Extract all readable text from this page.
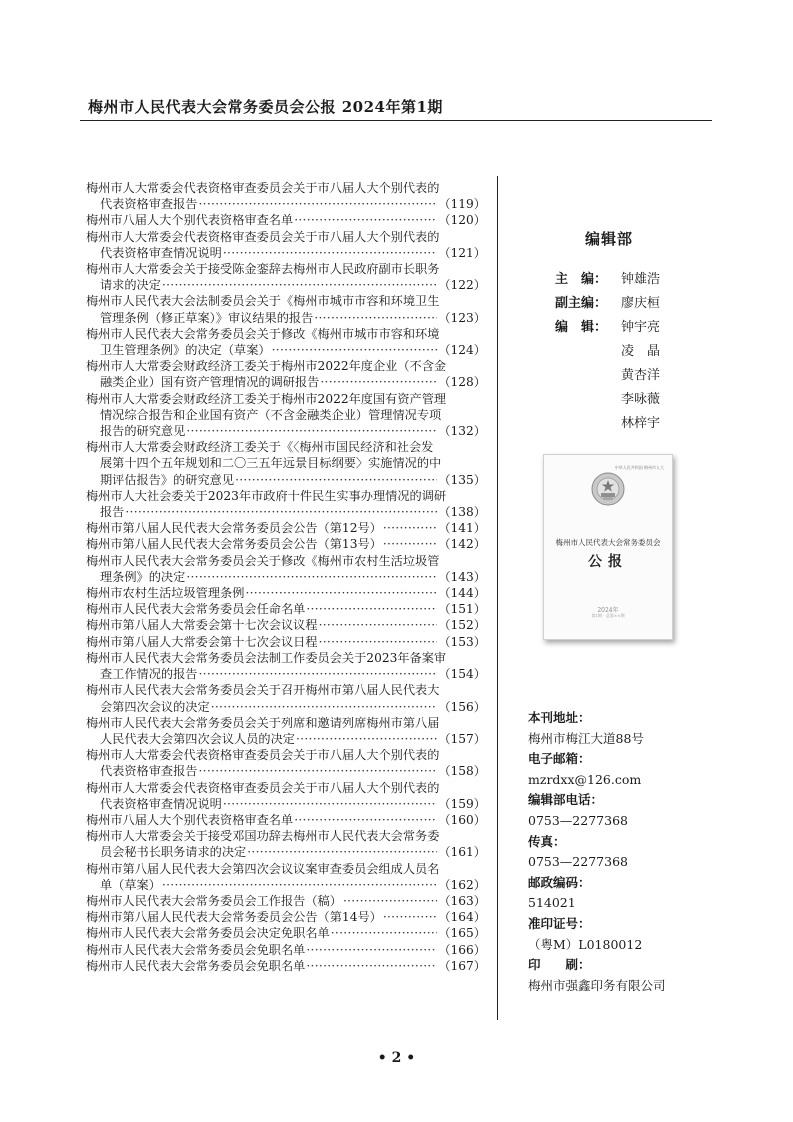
梅州市人民代表大会常务委员会公报 2024年第1期
梅州市人大常委会代表资格审查委员会关于市八届人大个别代表的
代表资格审查报告 ·····	（119）
梅州市八届人大个别代表资格审查名单 ·····	（120）
梅州市人大常委会代表资格审查委员会关于市八届人大个别代表的
代表资格审查情况说明 ·····	（121）
梅州市人大常委会关于接受陈金銮辞去梅州市人民政府副市长职务
请求的决定 ·····	（122）
梅州市人民代表大会法制委员会关于《梅州市城市市容和环境卫生
管理条例（修正草案）》审议结果的报告 ·····	（123）
梅州市人民代表大会常务委员会关于修改《梅州市城市市容和环境
卫生管理条例》的决定（草案） ·····	（124）
梅州市人大常委会财政经济工委关于梅州市2022年度企业（不含金
融类企业）国有资产管理情况的调研报告 ·····	（128）
梅州市人大常委会财政经济工委关于梅州市2022年度国有资产管理
情况综合报告和企业国有资产（不含金融类企业）管理情况专项
报告的研究意见 ·····	（132）
梅州市人大常委会财政经济工委关于《〈梅州市国民经济和社会发
展第十四个五年规划和二〇三五年远景目标纲要〉实施情况的中
期评估报告》的研究意见 ·····	（135）
梅州市人大社会委关于2023年市政府十件民生实事办理情况的调研
报告 ·····	（138）
梅州市第八届人民代表大会常务委员会公告（第12号） ·····	（141）
梅州市第八届人民代表大会常务委员会公告（第13号） ·····	（142）
梅州市人民代表大会常务委员会关于修改《梅州市农村生活垃圾管
理条例》的决定 ·····	（143）
梅州市农村生活垃圾管理条例 ·····	（144）
梅州市人民代表大会常务委员会任命名单 ·····	（151）
梅州市第八届人大常委会第十七次会议议程 ·····	（152）
梅州市第八届人大常委会第十七次会议日程 ·····	（153）
梅州市人民代表大会常务委员会法制工作委员会关于2023年备案审
查工作情况的报告 ·····	（154）
梅州市人民代表大会常务委员会关于召开梅州市第八届人民代表大
会第四次会议的决定 ·····	（156）
梅州市人民代表大会常务委员会关于列席和邀请列席梅州市第八届
人民代表大会第四次会议人员的决定 ·····	（157）
梅州市人大常委会代表资格审查委员会关于市八届人大个别代表的
代表资格审查报告 ·····	（158）
梅州市人大常委会代表资格审查委员会关于市八届人大个别代表的
代表资格审查情况说明 ·····	（159）
梅州市八届人大个别代表资格审查名单 ·····	（160）
梅州市人大常委会关于接受邓国功辞去梅州市人民代表大会常务委
员会秘书长职务请求的决定 ·····	（161）
梅州市第八届人民代表大会第四次会议议案审查委员会组成人员名
单（草案） ·····	（162）
梅州市人民代表大会常务委员会工作报告（稿） ·····	（163）
梅州市第八届人民代表大会常务委员会公告（第14号） ·····	（164）
梅州市人民代表大会常务委员会决定免职名单 ·····	（165）
梅州市人民代表大会常务委员会免职名单 ·····	（166）
梅州市人民代表大会常务委员会免职名单 ·····	（167）
编辑部
主　编： 钟雄浩
副主编： 廖庆桓
编　辑： 钟宇亮
凌　晶
黄杏洋
李咏薇
林梓宇
中华人民共和国 梅州市人大
梅州市人民代表大会常务委员会
公报
2024年
第1期 · 总第××期
本刊地址：
梅州市梅江大道88号
电子邮箱：
mzrdxx@126.com
编辑部电话：
0753—2277368
传真：
0753—2277368
邮政编码：
514021
准印证号：
（粤M）L0180012
印　　刷：
梅州市强鑫印务有限公司
• 2 •
